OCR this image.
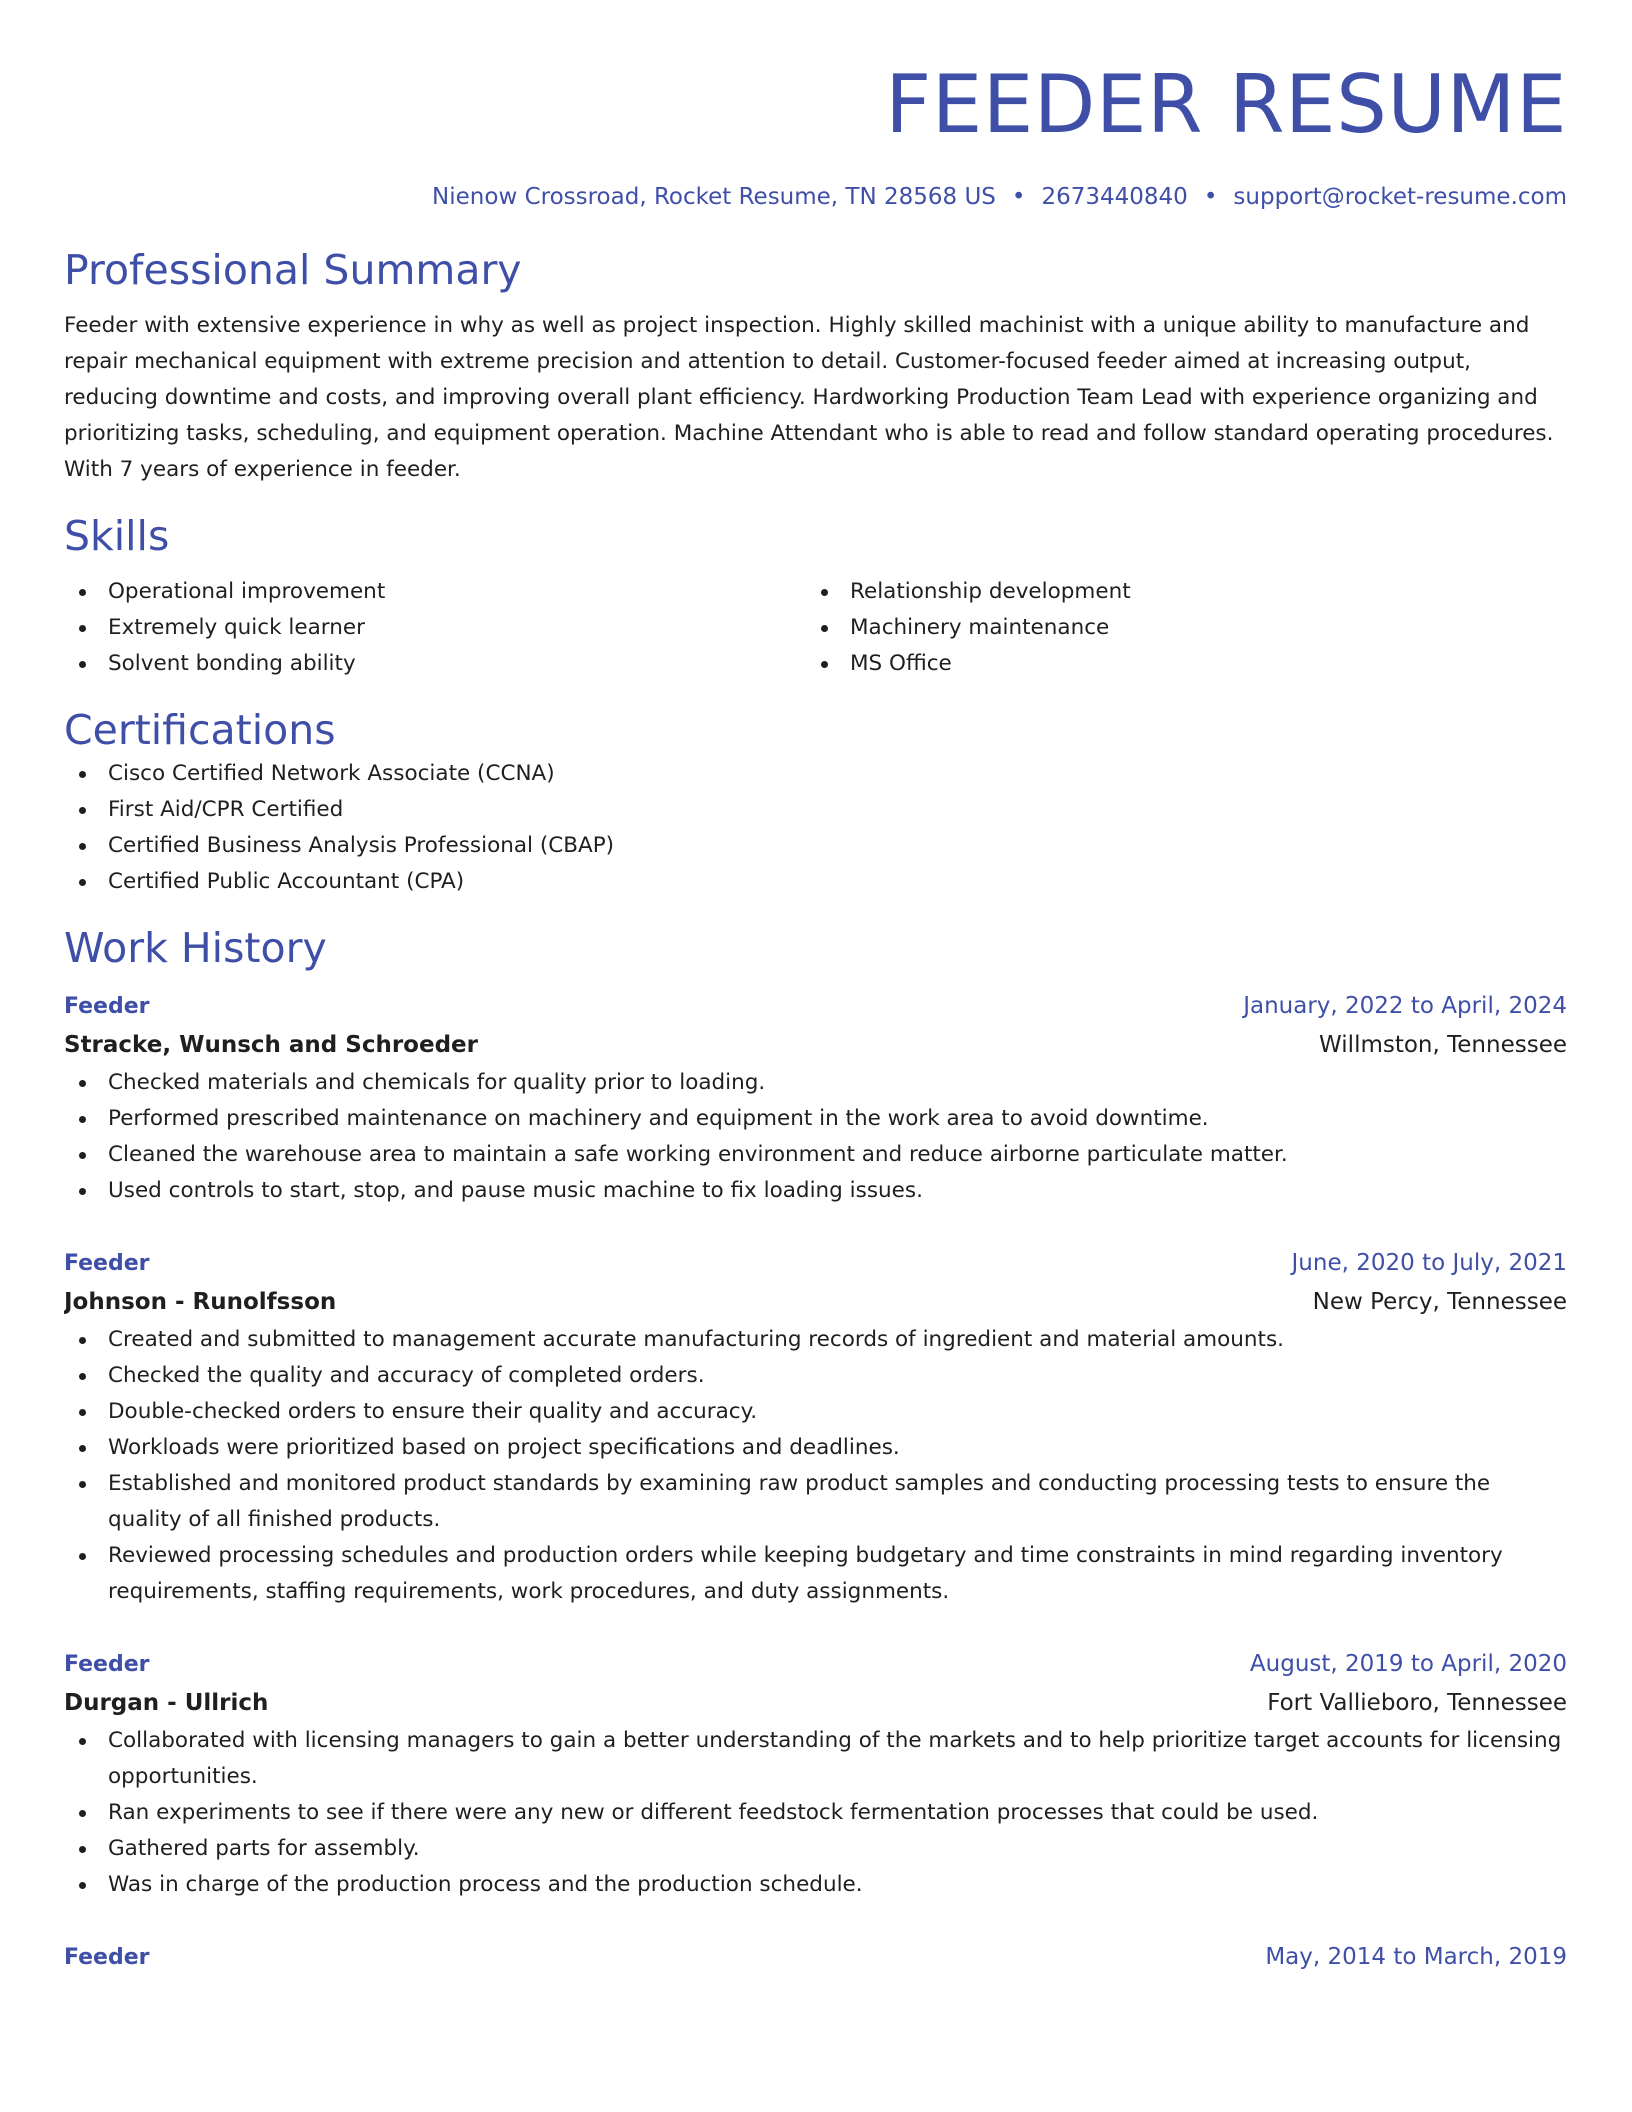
FEEDER RESUME
Nienow Crossroad, Rocket Resume, TN 28568 US • 2673440840 • support@rocket-resume.com
Professional Summary
Feeder with extensive experience in why as well as project inspection. Highly skilled machinist with a unique ability to manufacture and repair mechanical equipment with extreme precision and attention to detail. Customer-focused feeder aimed at increasing output, reducing downtime and costs, and improving overall plant efficiency. Hardworking Production Team Lead with experience organizing and prioritizing tasks, scheduling, and equipment operation. Machine Attendant who is able to read and follow standard operating procedures. With 7 years of experience in feeder.
Skills
Operational improvement
Extremely quick learner
Solvent bonding ability
Relationship development
Machinery maintenance
MS Office
Certifications
Cisco Certified Network Associate (CCNA)
First Aid/CPR Certified
Certified Business Analysis Professional (CBAP)
Certified Public Accountant (CPA)
Work History
Feeder	January, 2022 to April, 2024
Stracke, Wunsch and Schroeder	Willmston, Tennessee
Checked materials and chemicals for quality prior to loading.
Performed prescribed maintenance on machinery and equipment in the work area to avoid downtime.
Cleaned the warehouse area to maintain a safe working environment and reduce airborne particulate matter.
Used controls to start, stop, and pause music machine to fix loading issues.
Feeder	June, 2020 to July, 2021
Johnson - Runolfsson	New Percy, Tennessee
Created and submitted to management accurate manufacturing records of ingredient and material amounts.
Checked the quality and accuracy of completed orders.
Double-checked orders to ensure their quality and accuracy.
Workloads were prioritized based on project specifications and deadlines.
Established and monitored product standards by examining raw product samples and conducting processing tests to ensure the quality of all finished products.
Reviewed processing schedules and production orders while keeping budgetary and time constraints in mind regarding inventory requirements, staffing requirements, work procedures, and duty assignments.
Feeder	August, 2019 to April, 2020
Durgan - Ullrich	Fort Vallieboro, Tennessee
Collaborated with licensing managers to gain a better understanding of the markets and to help prioritize target accounts for licensing opportunities.
Ran experiments to see if there were any new or different feedstock fermentation processes that could be used.
Gathered parts for assembly.
Was in charge of the production process and the production schedule.
Feeder	May, 2014 to March, 2019
